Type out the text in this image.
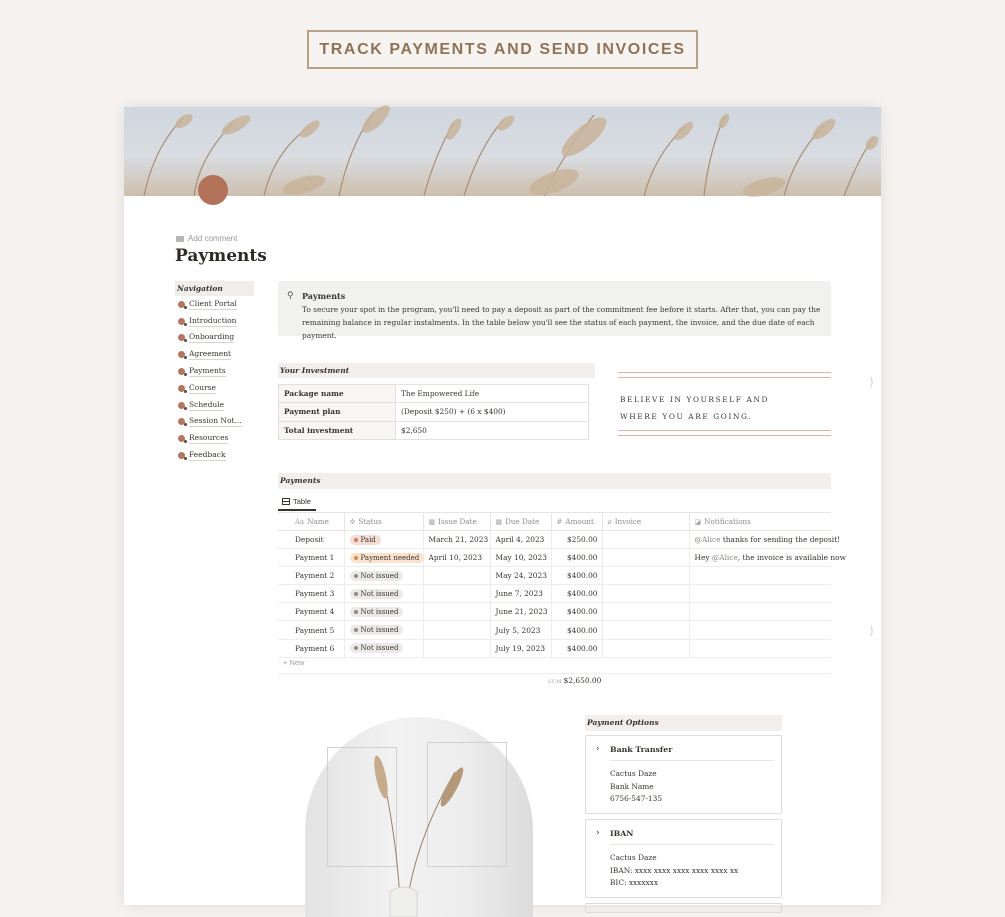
TRACK PAYMENTS AND SEND INVOICES
Add comment
Payments
Navigation
Client Portal
Introduction
Onboarding
Agreement
Payments
Course
Schedule
Session Not...
Resources
Feedback
⚲ Payments
To secure your spot in the program, you'll need to pay a deposit as part of the commitment fee before it starts. After that, you can pay the remaining balance in regular instalments. In the table below you'll see the status of each payment, the invoice, and the due date of each payment.
Your Investment
Package name	The Empowered Life
Payment plan	(Deposit $250) + (6 x $400)
Total investment	$2,650
BELIEVE IN YOURSELF AND
WHERE YOU ARE GOING.
Payments
Table
Aa Name	✲ Status	▦ Issue Date	▦ Due Date	# Amount	⌀ Invoice	◪ Notifications
Deposit	Paid	March 21, 2023	April 4, 2023	$250.00		@Alice thanks for sending the deposit!
Payment 1	Payment needed	April 10, 2023	May 10, 2023	$400.00		Hey @Alice, the invoice is available now
Payment 2	Not issued		May 24, 2023	$400.00		
Payment 3	Not issued		June 7, 2023	$400.00		
Payment 4	Not issued		June 21, 2023	$400.00		
Payment 5	Not issued		July 5, 2023	$400.00		
Payment 6	Not issued		July 19, 2023	$400.00		
+ New
SUM $2,650.00
Payment Options
› Bank Transfer
Cactus Daze
Bank Name
6756-547-135
› IBAN
Cactus Daze
IBAN: xxxx xxxx xxxx xxxx xxxx xx
BIC: xxxxxxx
)
)
